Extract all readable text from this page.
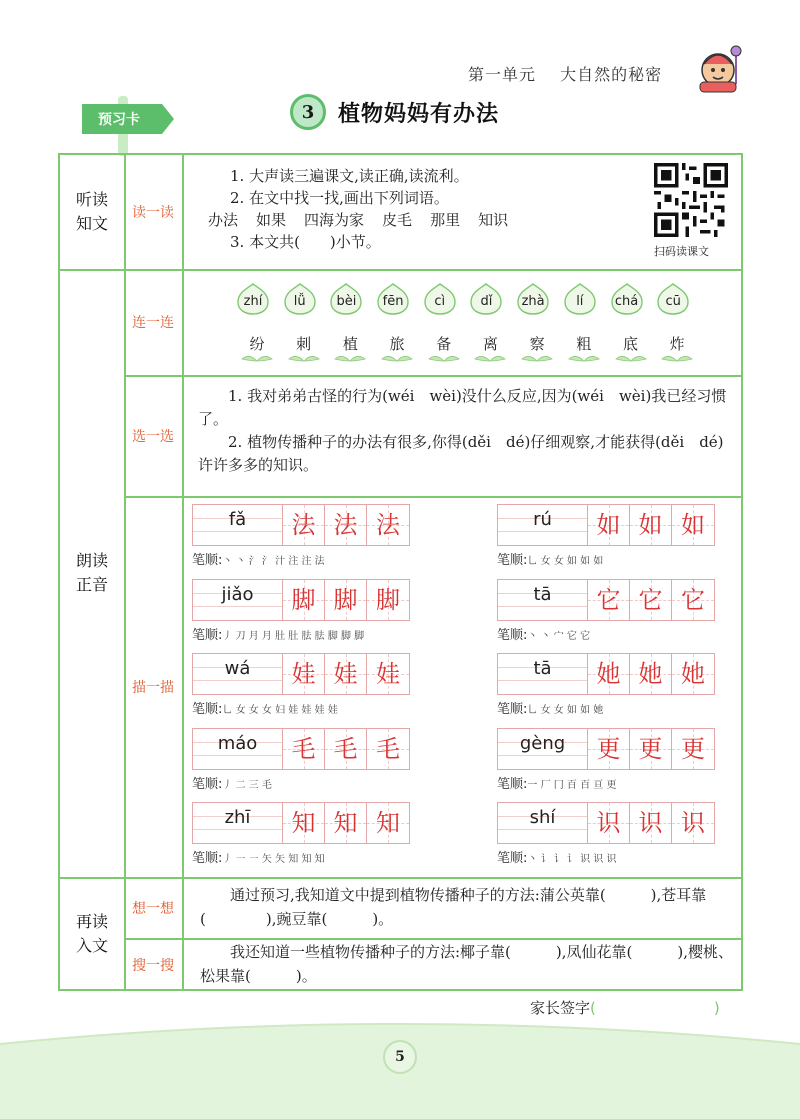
第一单元 大自然的秘密
预习卡	3	植物妈妈有办法
听读
知文
读一读
1. 大声读三遍课文,读正确,读流利。
2. 在文中找一找,画出下列词语。
办法 如果 四海为家 皮毛 那里 知识
3. 本文共(　　)小节。
扫码读课文
朗读
正音
连一连
zhí	lǚ	bèi	fēn	cì	dǐ	zhà	lí	chá	cū
纷	刺	植	旅	备	离	察	粗	底	炸
选一选

1. 我对弟弟古怪的行为(wéi　wèi)没什么反应,因为(wéi　wèi)我已经习惯了。

2. 植物传播种子的办法有很多,你得(děi　dé)仔细观察,才能获得(děi　dé)许许多多的知识。

描一描
fǎ	法 法 法
笔顺:丶 丶 氵 氵 汁 注 注 法
rú	如 如 如
笔顺:乚 女 女 如 如 如
jiǎo	脚 脚 脚
笔顺:丿 刀 月 月 肚 肚 胠 胠 脚 脚 脚
tā	它 它 它
笔顺:丶 丶 宀 它 它
wá	娃 娃 娃
笔顺:乚 女 女 女 妇 娃 娃 娃 娃
tā	她 她 她
笔顺:乚 女 女 如 如 她
máo	毛 毛 毛
笔顺:丿 二 三 毛
gèng	更 更 更
笔顺:一 厂 冂 百 百 亘 更
zhī	知 知 知
笔顺:丿 ㇐ ㇐ 矢 矢 知 知 知
shí	识 识 识
笔顺:丶 讠 讠 讠 识 识 识
再读
入文
想一想

通过预习,我知道文中提到植物传播种子的方法:蒲公英靠(　　　),苍耳靠(　　　　),豌豆靠(　　　)。

搜一搜

我还知道一些植物传播种子的方法:椰子靠(　　　),凤仙花靠(　　　),樱桃、松果靠(　　　)。

家长签字(	)
5
